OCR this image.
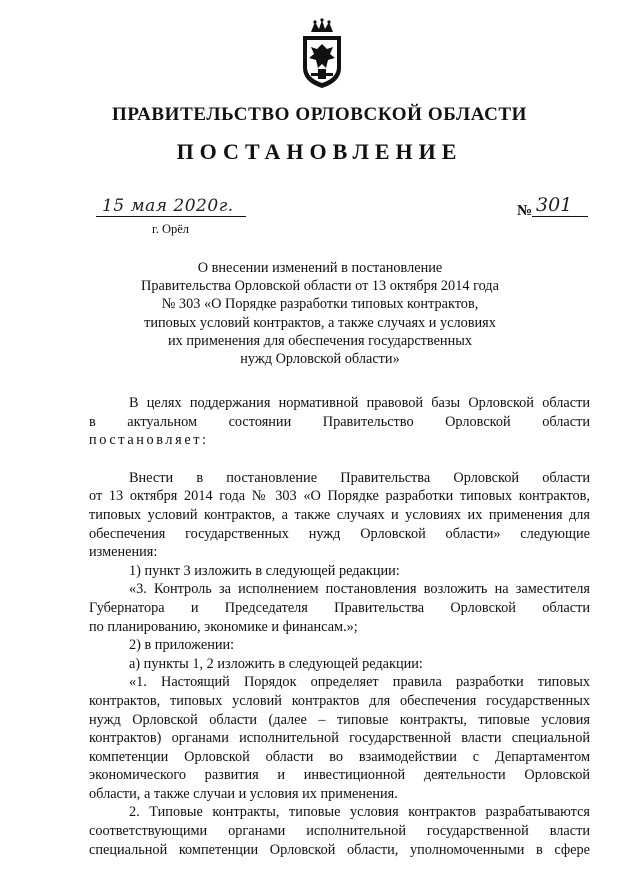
ПРАВИТЕЛЬСТВО ОРЛОВСКОЙ ОБЛАСТИ
ПОСТАНОВЛЕНИЕ
15 мая 2020г.
г. Орёл
№ 301
О внесении изменений в постановление
Правительства Орловской области от 13 октября 2014 года
№ 303 «О Порядке разработки типовых контрактов,
типовых условий контрактов, а также случаях и условиях
их применения для обеспечения государственных
нужд Орловской области»
В целях поддержания нормативной правовой базы Орловской области
в актуальном состоянии Правительство Орловской области
постановляет:
Внести в постановление Правительства Орловской области
от 13 октября 2014 года № 303 «О Порядке разработки типовых контрактов,
типовых условий контрактов, а также случаях и условиях их применения для
обеспечения государственных нужд Орловской области» следующие
изменения:
1) пункт 3 изложить в следующей редакции:
«3. Контроль за исполнением постановления возложить на заместителя
Губернатора и Председателя Правительства Орловской области
по планированию, экономике и финансам.»;
2) в приложении:
а) пункты 1, 2 изложить в следующей редакции:
«1. Настоящий Порядок определяет правила разработки типовых
контрактов, типовых условий контрактов для обеспечения государственных
нужд Орловской области (далее – типовые контракты, типовые условия
контрактов) органами исполнительной государственной власти специальной
компетенции Орловской области во взаимодействии с Департаментом
экономического развития и инвестиционной деятельности Орловской
области, а также случаи и условия их применения.
2. Типовые контракты, типовые условия контрактов разрабатываются
соответствующими органами исполнительной государственной власти
специальной компетенции Орловской области, уполномоченными в сфере
